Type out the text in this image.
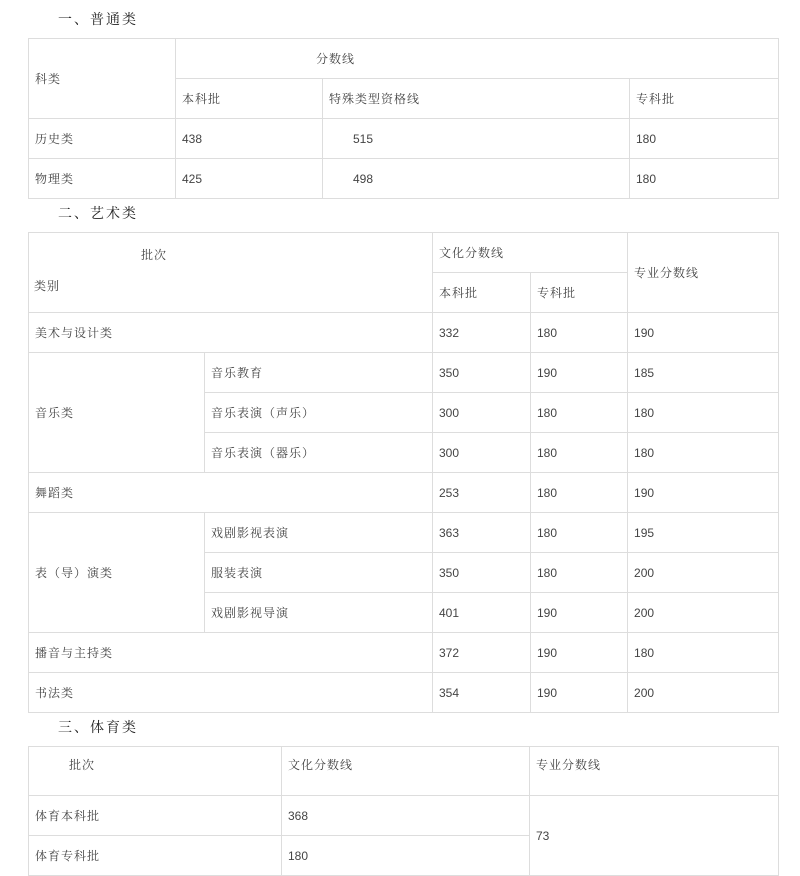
一、普通类
科类	分数线		
	本科批	特殊类型资格线	专科批
历史类	438	515	180
物理类	425	498	180
二、艺术类
批次
类别		文化分数线		专业分数线
		本科批	专科批	
美术与设计类		332	180	190
音乐类	音乐教育	350	190	185
	音乐表演（声乐）	300	180	180
	音乐表演（器乐）	300	180	180
舞蹈类		253	180	190
表（导）演类	戏剧影视表演	363	180	195
	服装表演	350	180	200
	戏剧影视导演	401	190	200
播音与主持类		372	190	180
书法类		354	190	200
三、体育类
批次	文化分数线	专业分数线
体育本科批	368	73
体育专科批	180	
